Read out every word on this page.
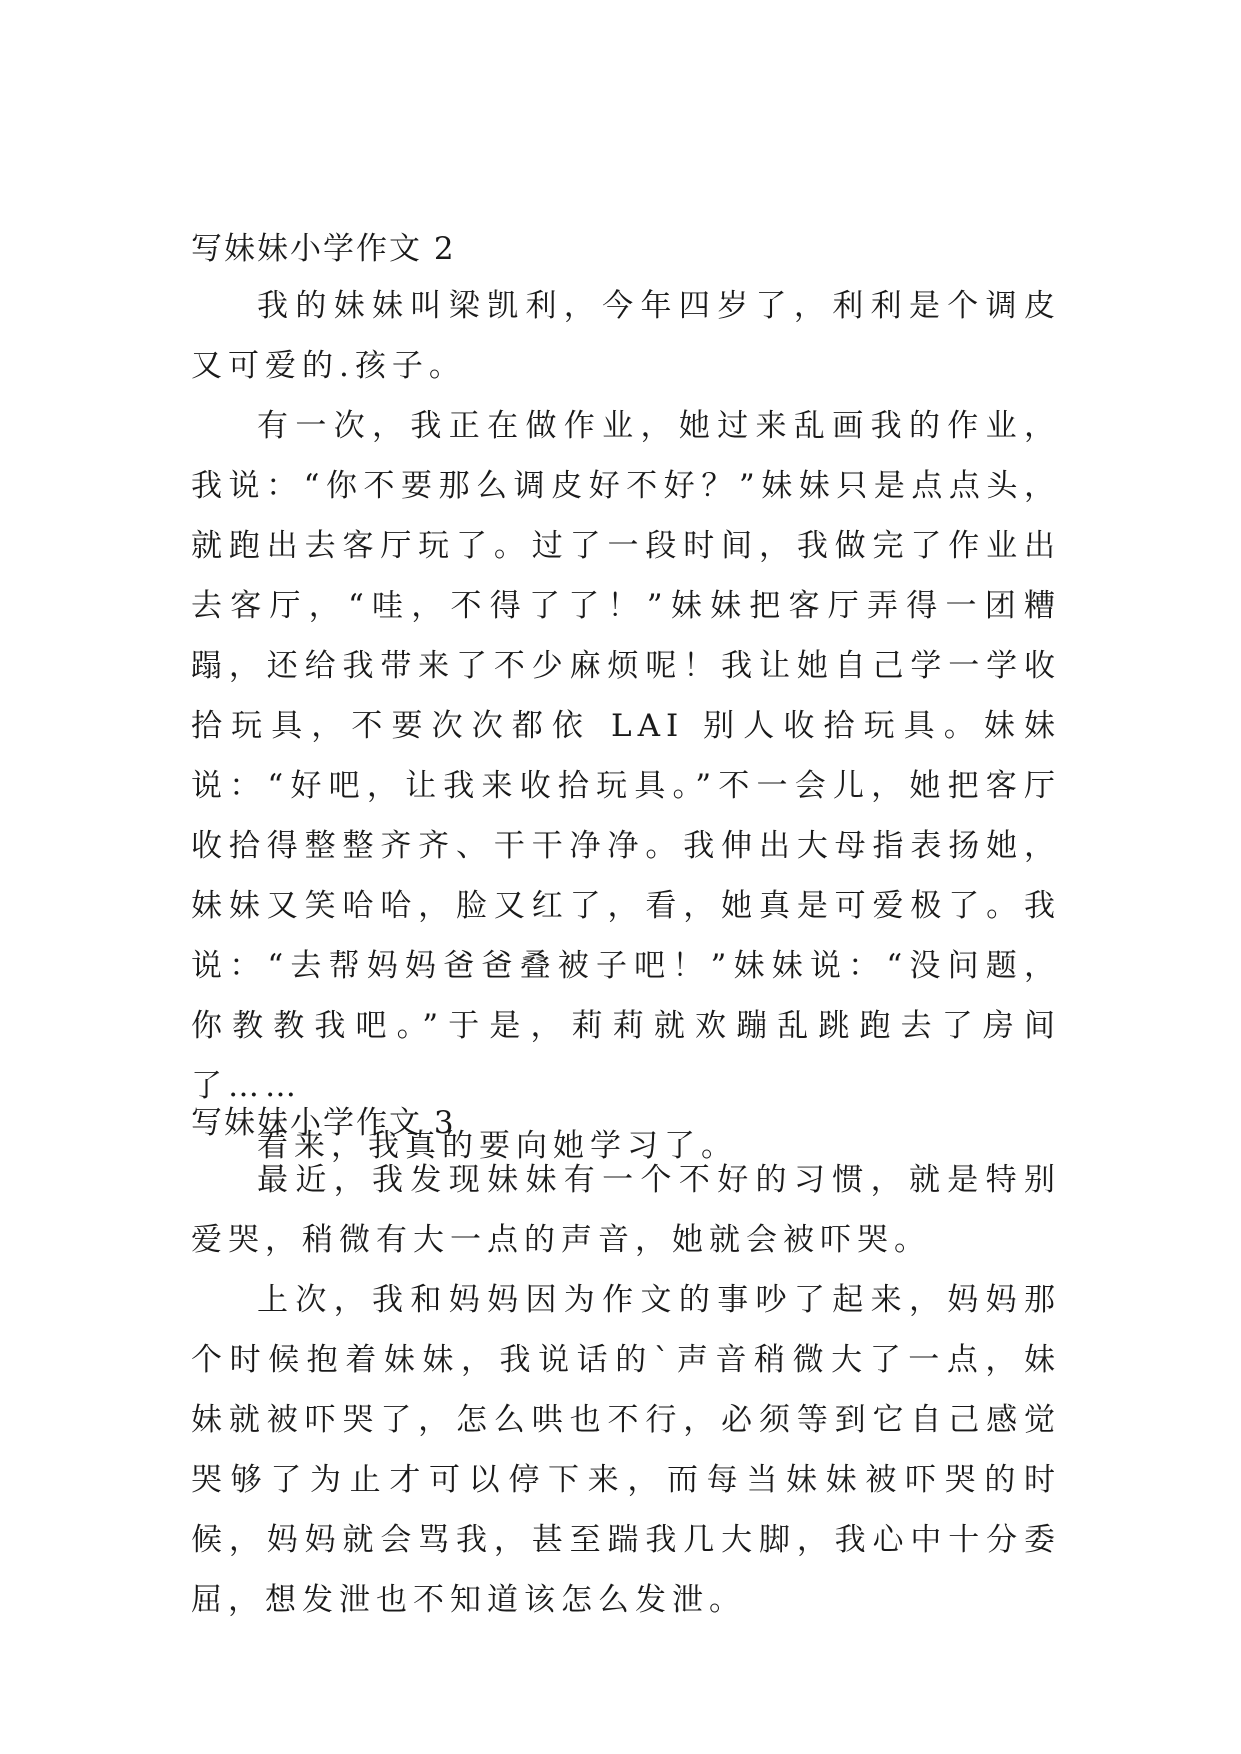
写妹妹小学作文 2

我的妹妹叫梁凯利，今年四岁了，利利是个调皮又可爱的.孩子。

有一次，我正在做作业，她过来乱画我的作业，我说：“你不要那么调皮好不好？”妹妹只是点点头，就跑出去客厅玩了。过了一段时间，我做完了作业出去客厅，“哇，不得了了！”妹妹把客厅弄得一团糟蹋，还给我带来了不少麻烦呢！我让她自己学一学收拾玩具，不要次次都依 LAI 别人收拾玩具。妹妹说：“好吧，让我来收拾玩具。”不一会儿，她把客厅收拾得整整齐齐、干干净净。我伸出大母指表扬她，妹妹又笑哈哈，脸又红了，看，她真是可爱极了。我说：“去帮妈妈爸爸叠被子吧！”妹妹说：“没问题，你教教我吧。”于是，莉莉就欢蹦乱跳跑去了房间了……

看来，我真的要向她学习了。

写妹妹小学作文 3

最近，我发现妹妹有一个不好的习惯，就是特别爱哭，稍微有大一点的声音，她就会被吓哭。

上次，我和妈妈因为作文的事吵了起来，妈妈那个时候抱着妹妹，我说话的`声音稍微大了一点，妹妹就被吓哭了，怎么哄也不行，必须等到它自己感觉哭够了为止才可以停下来，而每当妹妹被吓哭的时候，妈妈就会骂我，甚至踹我几大脚，我心中十分委屈，想发泄也不知道该怎么发泄。
